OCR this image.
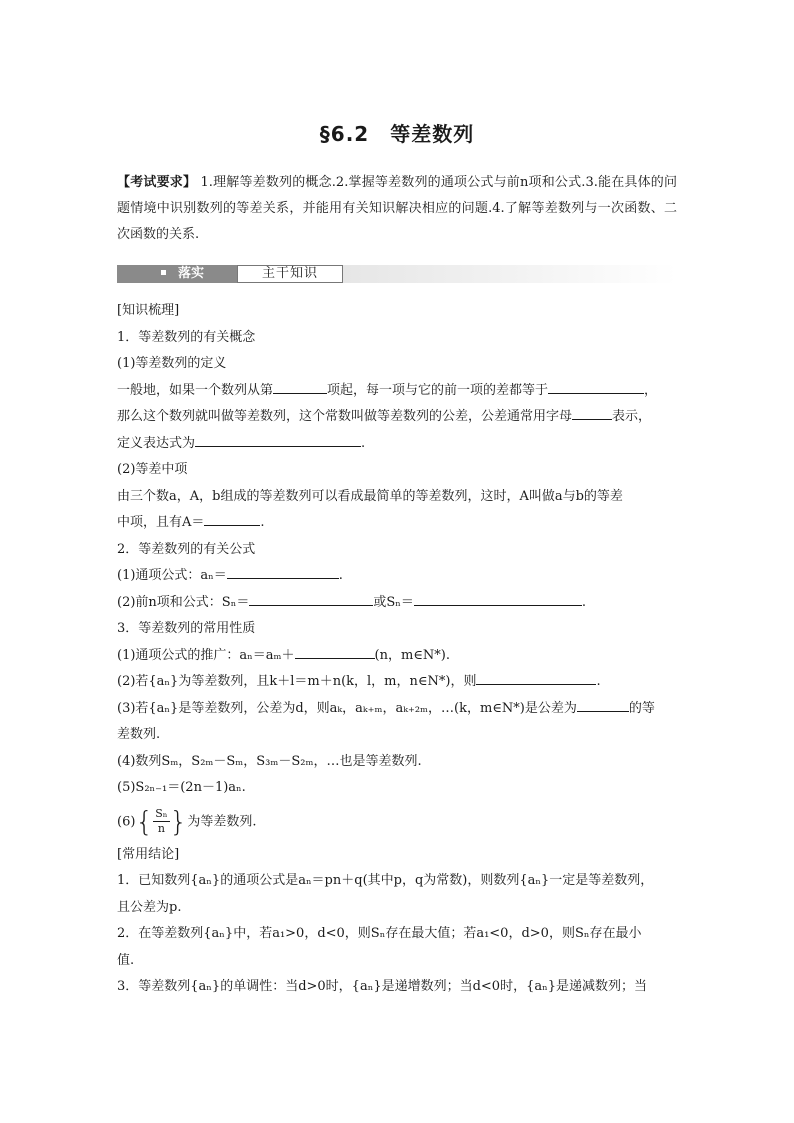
§6.2　等差数列
【考试要求】 1.理解等差数列的概念.2.掌握等差数列的通项公式与前n项和公式.3.能在具体的问题情境中识别数列的等差关系，并能用有关知识解决相应的问题.4.了解等差数列与一次函数、二次函数的关系.
落实	主干知识
[知识梳理]
1．等差数列的有关概念
(1)等差数列的定义
一般地，如果一个数列从第	项起，每一项与它的前一项的差都等于	，
那么这个数列就叫做等差数列，这个常数叫做等差数列的公差，公差通常用字母	表示，
定义表达式为	.
(2)等差中项
由三个数a，A，b组成的等差数列可以看成最简单的等差数列，这时，A叫做a与b的等差
中项，且有A＝	.
2．等差数列的有关公式
(1)通项公式：aₙ＝	.
(2)前n项和公式：Sₙ＝	或Sₙ＝	.
3．等差数列的常用性质
(1)通项公式的推广：aₙ＝aₘ＋	(n，m∈N*).
(2)若{aₙ}为等差数列，且k＋l＝m＋n(k，l，m，n∈N*)，则	.
(3)若{aₙ}是等差数列，公差为d，则aₖ，aₖ₊ₘ，aₖ₊₂ₘ，…(k，m∈N*)是公差为	的等
差数列.
(4)数列Sₘ，S₂ₘ－Sₘ，S₃ₘ－S₂ₘ，…也是等差数列.
(5)S₂ₙ₋₁＝(2n－1)aₙ.
$(6)\{ \frac{\text{Sₙ}}{n}$ }为等差数列.
[常用结论]
1．已知数列{aₙ}的通项公式是aₙ＝pn＋q(其中p，q为常数)，则数列{aₙ}一定是等差数列，
且公差为p.
2．在等差数列{aₙ}中，若a₁>0，d<0，则Sₙ存在最大值；若a₁<0，d>0，则Sₙ存在最小
值.
3．等差数列{aₙ}的单调性：当d>0时，{aₙ}是递增数列；当d<0时，{aₙ}是递减数列；当
